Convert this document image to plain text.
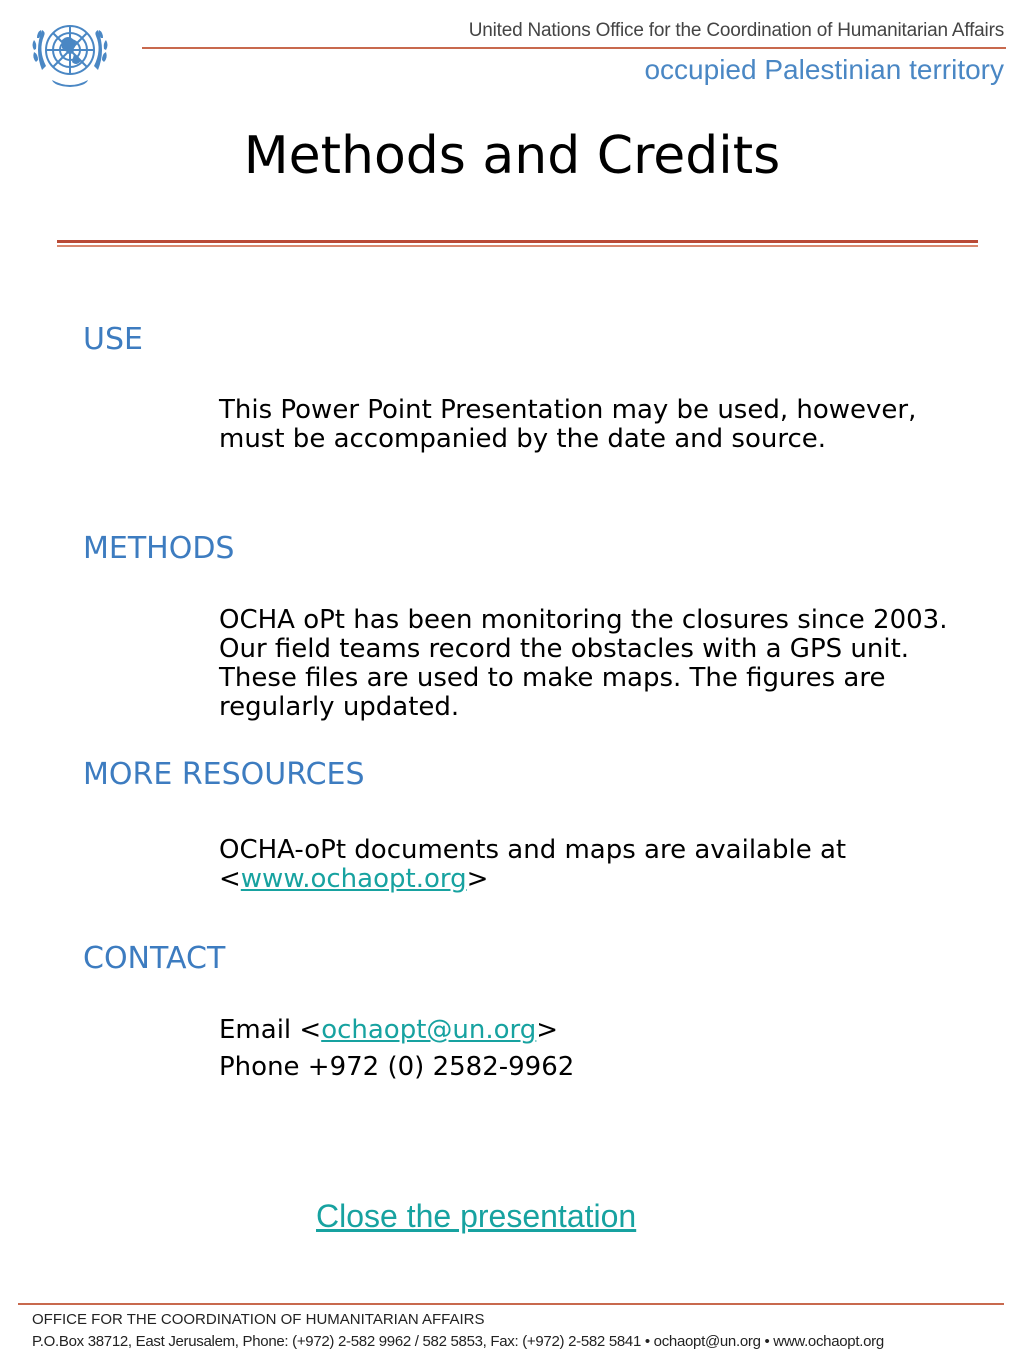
United Nations Office for the Coordination of Humanitarian Affairs
occupied Palestinian territory
Methods and Credits
USE

This Power Point Presentation may be used, however, must be accompanied by the date and source.

METHODS

OCHA oPt has been monitoring the closures since 2003. Our field teams record the obstacles with a GPS unit. These files are used to make maps. The figures are regularly updated.

MORE RESOURCES

OCHA-oPt documents and maps are available at <www.ochaopt.org>

CONTACT

Email <ochaopt@un.org>

Phone +972 (0) 2582-9962

Close the presentation
OFFICE FOR THE COORDINATION OF HUMANITARIAN AFFAIRS
P.O.Box 38712, East Jerusalem, Phone: (+972) 2-582 9962 / 582 5853, Fax: (+972) 2-582 5841 • ochaopt@un.org • www.ochaopt.org
